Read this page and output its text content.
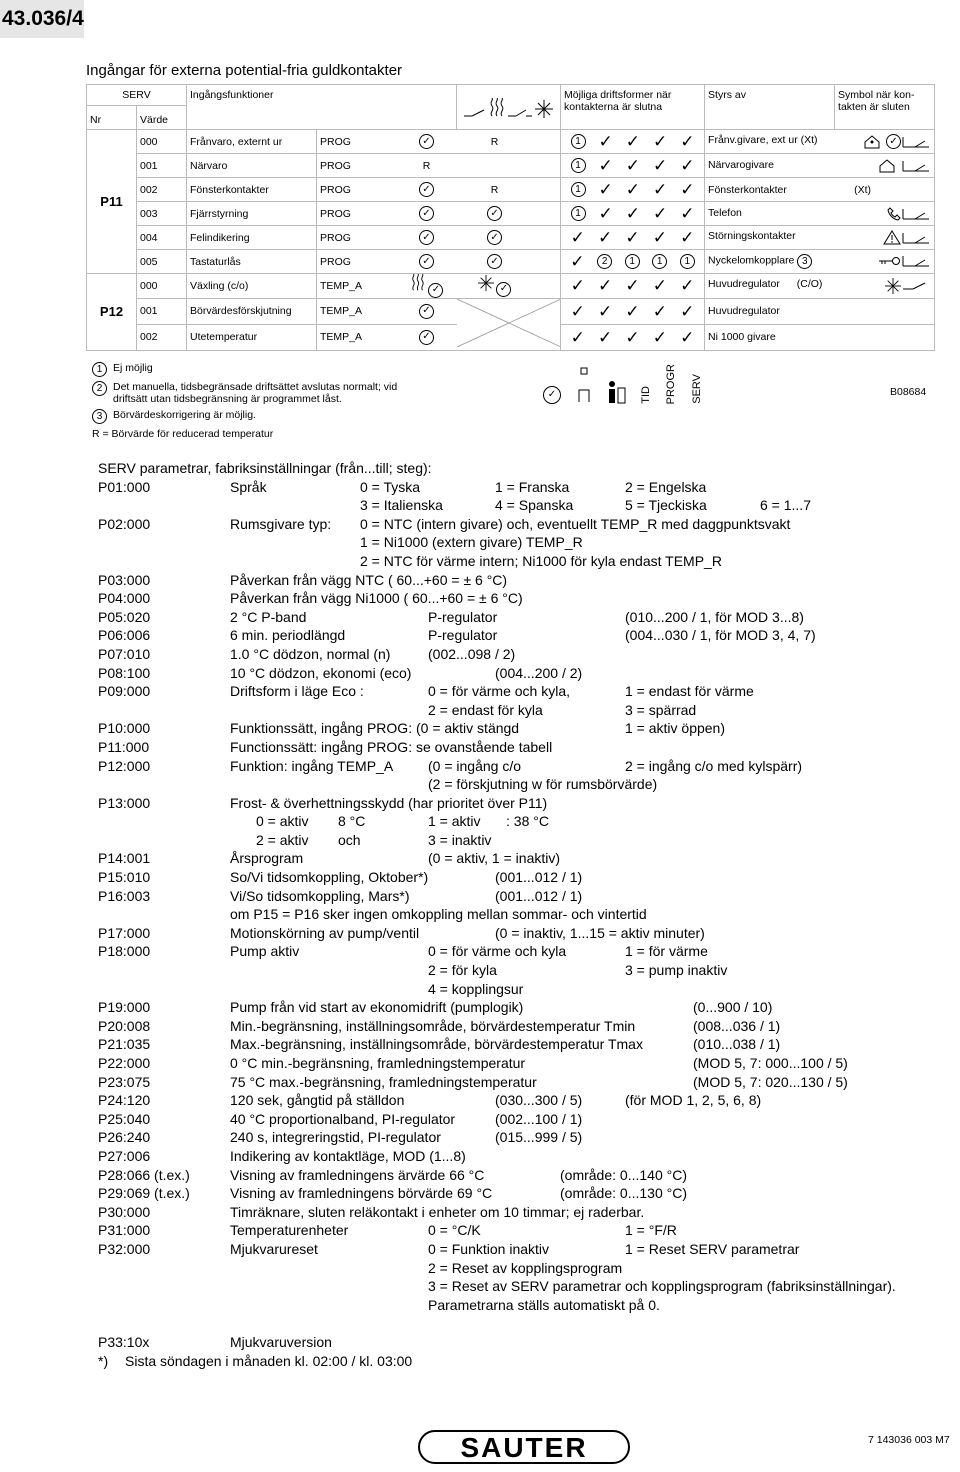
43.036/4
Ingångar för externa potential-fria guldkontakter
SERV		Ingångsfunktioner					Möjliga driftsformer när kontakterna är slutna	Styrs av	Symbol när kon-takten är sluten
Nr	Värde								
P11	000	Frånvaro, externt ur	PROG	✓	R		1 ✓ ✓ ✓ ✓	Frånv.givare, ext ur (Xt) ✓	

	001	Närvaro	PROG	R			1 ✓ ✓ ✓ ✓	Närvarogivare	

	002	Fönsterkontakter	PROG	✓	R		1 ✓ ✓ ✓ ✓	Fönsterkontakter (Xt)	

	003	Fjärrstyrning	PROG	✓	✓		1 ✓ ✓ ✓ ✓	Telefon	

	004	Felindikering	PROG	✓	✓		✓ ✓ ✓ ✓ ✓	Störningskontakter	

	005	Tastaturlås	PROG	✓	✓		✓ 2 1 1 1	Nyckelomkopplare 3	

P12	000	Växling (c/o)	TEMP_A	✓	✓		✓ ✓ ✓ ✓ ✓	Huvudregulator (C/O)	

	001	Börvärdesförskjutning	TEMP_A	✓			✓ ✓ ✓ ✓ ✓	Huvudregulator	
	002	Utetemperatur	TEMP_A	✓			✓ ✓ ✓ ✓ ✓	Ni 1000 givare	
1	Ej möjlig
2	Det manuella, tidsbegränsade driftsättet avslutas normalt; vid driftsätt utan tidsbegränsning är programmet låst.
3	Börvärdeskorrigering är möjlig.
R = Börvärde för reducerad temperatur
✓	TID PROGR SERV	B08684
SERV parametrar, fabriksinställningar (från...till; steg):
P01:000	Språk	0 = Tyska	1 = Franska	2 = Engelska
3 = Italienska	4 = Spanska	5 = Tjeckiska	6 = 1...7
P02:000	Rumsgivare typ: 0 = NTC (intern givare) och, eventuellt TEMP_R med daggpunktsvakt
1 = Ni1000 (extern givare) TEMP_R
2 = NTC för värme intern; Ni1000 för kyla endast TEMP_R
P03:000	Påverkan från vägg NTC ( 60...+60 = ± 6 °C)
P04:000	Påverkan från vägg Ni1000 ( 60...+60 = ± 6 °C)
P05:020	2 °C P-band	P-regulator	(010...200 / 1, för MOD 3...8)
P06:006	6 min. periodlängd	P-regulator	(004...030 / 1, för MOD 3, 4, 7)
P07:010	1.0 °C dödzon, normal (n)	(002...098 / 2)
P08:100	10 °C dödzon, ekonomi (eco)	(004...200 / 2)
P09:000	Driftsform i läge Eco :	0 = för värme och kyla,	1 = endast för värme
2 = endast för kyla	3 = spärrad
P10:000	Funktionssätt, ingång PROG: (0 = aktiv stängd	1 = aktiv öppen)
P11:000	Functionssätt: ingång PROG: se ovanstående tabell
P12:000	Funktion: ingång TEMP_A (0 = ingång c/o	2 = ingång c/o med kylspärr)
(2 = förskjutning w för rumsbörvärde)
P13:000	Frost- & överhettningsskydd (har prioritet över P11)
0 = aktiv 8 °C	1 = aktiv : 38 °C
2 = aktiv och	3 = inaktiv
P14:001	Årsprogram	(0 = aktiv, 1 = inaktiv)
P15:010	So/Vi tidsomkoppling, Oktober*)	(001...012 / 1)
P16:003	Vi/So tidsomkoppling, Mars*)	(001...012 / 1)
om P15 = P16 sker ingen omkoppling mellan sommar- och vintertid
P17:000	Motionskörning av pump/ventil	(0 = inaktiv, 1...15 = aktiv minuter)
P18:000	Pump aktiv	0 = för värme och kyla	1 = för värme
2 = för kyla	3 = pump inaktiv
4 = kopplingsur
P19:000	Pump från vid start av ekonomidrift (pumplogik)	(0...900 / 10)
P20:008	Min.-begränsning, inställningsområde, börvärdestemperatur Tmin	(008...036 / 1)
P21:035	Max.-begränsning, inställningsområde, börvärdestemperatur Tmax	(010...038 / 1)
P22:000	0 °C min.-begränsning, framledningstemperatur	(MOD 5, 7: 000...100 / 5)
P23:075	75 °C max.-begränsning, framledningstemperatur	(MOD 5, 7: 020...130 / 5)
P24:120	120 sek, gångtid på ställdon	(030...300 / 5)	(för MOD 1, 2, 5, 6, 8)
P25:040	40 °C proportionalband, PI-regulator	(002...100 / 1)
P26:240	240 s, integreringstid, PI-regulator	(015...999 / 5)
P27:006	Indikering av kontaktläge, MOD (1...8)
P28:066 (t.ex.)	Visning av framledningens ärvärde 66 °C	(område: 0...140 °C)
P29:069 (t.ex.)	Visning av framledningens börvärde 69 °C	(område: 0...130 °C)
P30:000	Timräknare, sluten reläkontakt i enheter om 10 timmar; ej raderbar.
P31:000	Temperaturenheter	0 = °C/K	1 = °F/R
P32:000	Mjukvarureset	0 = Funktion inaktiv	1 = Reset SERV parametrar
2 = Reset av kopplingsprogram
3 = Reset av SERV parametrar och kopplingsprogram (fabriksinställningar).
Parametrarna ställs automatiskt på 0.
P33:10x	Mjukvaruversion
*) Sista söndagen i månaden kl. 02:00 / kl. 03:00
SAUTER	7 143036 003 M7
